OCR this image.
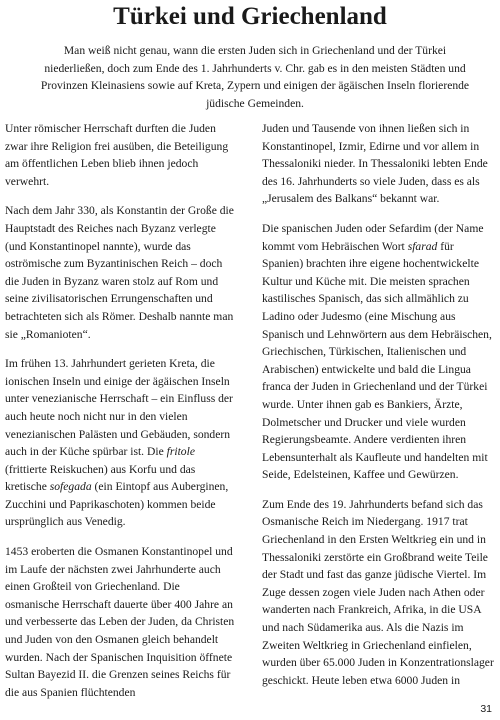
Türkei und Griechenland

Man weiß nicht genau, wann die ersten Juden sich in Griechenland und der Türkei niederließen, doch zum Ende des 1. Jahrhunderts v. Chr. gab es in den meisten Städten und Provinzen Kleinasiens sowie auf Kreta, Zypern und einigen der ägäischen Inseln florierende jüdische Gemeinden.

Unter römischer Herrschaft durften die Juden zwar ihre Religion frei ausüben, die Beteiligung am öffentlichen Leben blieb ihnen jedoch verwehrt.

Nach dem Jahr 330, als Konstantin der Große die Hauptstadt des Reiches nach Byzanz verlegte (und Konstantinopel nannte), wurde das oströmische zum Byzantinischen Reich – doch die Juden in Byzanz waren stolz auf Rom und seine zivilisatorischen Errungenschaften und betrachteten sich als Römer. Deshalb nannte man sie „Romanioten“.

Im frühen 13. Jahrhundert gerieten Kreta, die ionischen Inseln und einige der ägäischen Inseln unter venezianische Herrschaft – ein Einfluss der auch heute noch nicht nur in den vielen venezianischen Palästen und Gebäuden, sondern auch in der Küche spürbar ist. Die fritole (frittierte Reiskuchen) aus Korfu und das kretische sofegada (ein Eintopf aus Auberginen, Zucchini und Paprikaschoten) kommen beide ursprünglich aus Venedig.

1453 eroberten die Osmanen Konstantinopel und im Laufe der nächsten zwei Jahrhunderte auch einen Großteil von Griechenland. Die osmanische Herrschaft dauerte über 400 Jahre an und verbesserte das Leben der Juden, da Christen und Juden von den Osmanen gleich behandelt wurden. Nach der Spanischen Inquisition öffnete Sultan Bayezid II. die Grenzen seines Reichs für die aus Spanien flüchtenden

Juden und Tausende von ihnen ließen sich in Konstantinopel, Izmir, Edirne und vor allem in Thessaloniki nieder. In Thessaloniki lebten Ende des 16. Jahrhunderts so viele Juden, dass es als „Jerusalem des Balkans“ bekannt war.

Die spanischen Juden oder Sefardim (der Name kommt vom Hebräischen Wort sfarad für Spanien) brachten ihre eigene hochentwickelte Kultur und Küche mit. Die meisten sprachen kastilisches Spanisch, das sich allmählich zu Ladino oder Judesmo (eine Mischung aus Spanisch und Lehnwörtern aus dem Hebräischen, Griechischen, Türkischen, Italienischen und Arabischen) entwickelte und bald die Lingua franca der Juden in Griechenland und der Türkei wurde. Unter ihnen gab es Bankiers, Ärzte, Dolmetscher und Drucker und viele wurden Regierungsbeamte. Andere verdienten ihren Lebensunterhalt als Kaufleute und handelten mit Seide, Edelsteinen, Kaffee und Gewürzen.

Zum Ende des 19. Jahrhunderts befand sich das Osmanische Reich im Niedergang. 1917 trat Griechenland in den Ersten Weltkrieg ein und in Thessaloniki zerstörte ein Großbrand weite Teile der Stadt und fast das ganze jüdische Viertel. Im Zuge dessen zogen viele Juden nach Athen oder wanderten nach Frankreich, Afrika, in die USA und nach Südamerika aus. Als die Nazis im Zweiten Weltkrieg in Griechenland einfielen, wurden über 65.000 Juden in Konzentrationslager geschickt. Heute leben etwa 6000 Juden in

31
